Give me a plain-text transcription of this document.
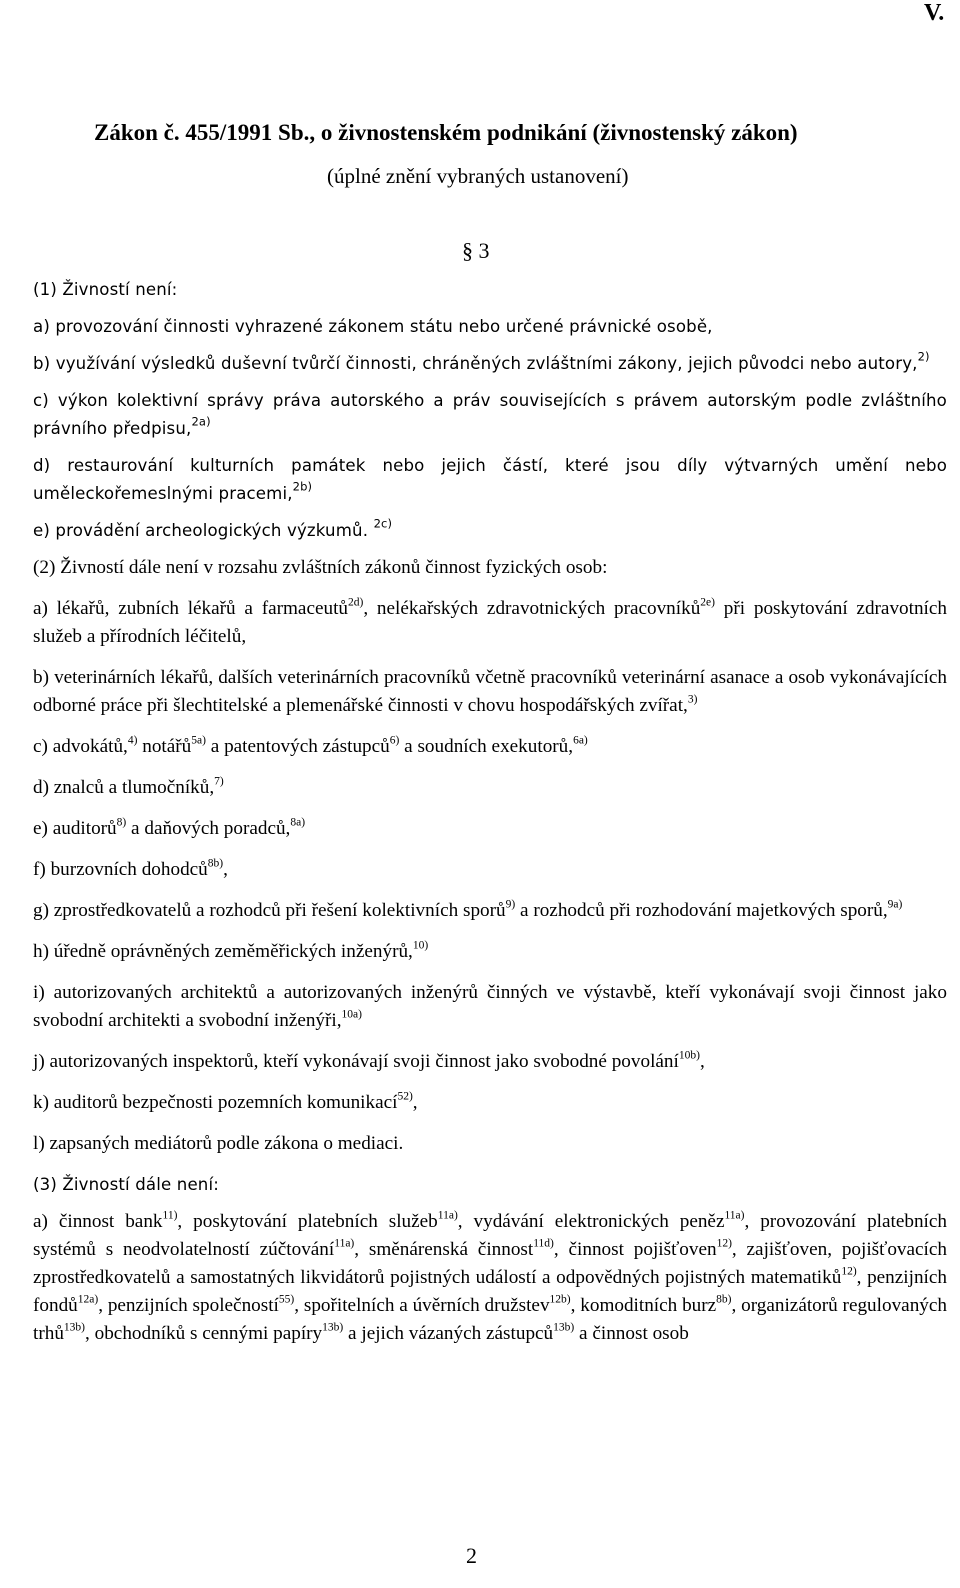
V.
Zákon č. 455/1991 Sb., o živnostenském podnikání (živnostenský zákon)
(úplné znění vybraných ustanovení)
§ 3

(1) Živností není:

a) provozování činnosti vyhrazené zákonem státu nebo určené právnické osobě,

b) využívání výsledků duševní tvůrčí činnosti, chráněných zvláštními zákony, jejich původci nebo autory,$^{2)}$

c) výkon kolektivní správy práva autorského a práv souvisejících s právem autorským podle zvláštního právního předpisu,$^{2a)}$

d) restaurování kulturních památek nebo jejich částí, které jsou díly výtvarných umění nebo uměleckořemeslnými pracemi,$^{2b)}$

e) provádění archeologických výzkumů. $^{2c)}$

(2) Živností dále není v rozsahu zvláštních zákonů činnost fyzických osob:

a) lékařů, zubních lékařů a farmaceutů$^{2d)}$, nelékařských zdravotnických pracovníků$^{2e)}$ při poskytování zdravotních služeb a přírodních léčitelů,

b) veterinárních lékařů, dalších veterinárních pracovníků včetně pracovníků veterinární asanace a osob vykonávajících odborné práce při šlechtitelské a plemenářské činnosti v chovu hospodářských zvířat,$^{3)}$

c) advokátů,$^{4)}$ notářů$^{5a)}$ a patentových zástupců$^{6)}$ a soudních exekutorů,$^{6a)}$

d) znalců a tlumočníků,$^{7)}$

e) auditorů$^{8)}$ a daňových poradců,$^{8a)}$

f) burzovních dohodců$^{8b)}$,

g) zprostředkovatelů a rozhodců při řešení kolektivních sporů$^{9)}$ a rozhodců při rozhodování majetkových sporů,$^{9a)}$

h) úředně oprávněných zeměměřických inženýrů,$^{10)}$

i) autorizovaných architektů a autorizovaných inženýrů činných ve výstavbě, kteří vykonávají svoji činnost jako svobodní architekti a svobodní inženýři,$^{10a)}$

j) autorizovaných inspektorů, kteří vykonávají svoji činnost jako svobodné povolání$^{10b)}$,

k) auditorů bezpečnosti pozemních komunikací$^{52)}$,

l) zapsaných mediátorů podle zákona o mediaci.

(3) Živností dále není:

a) činnost bank$^{11)}$, poskytování platebních služeb$^{11a)}$, vydávání elektronických peněz$^{11a)}$, provozování platebních systémů s neodvolatelností zúčtování$^{11a)}$, směnárenská činnost$^{11d)}$, činnost pojišťoven$^{12)}$, zajišťoven, pojišťovacích zprostředkovatelů a samostatných likvidátorů pojistných událostí a odpovědných pojistných matematiků$^{12)}$, penzijních fondů$^{12a)}$, penzijních společností$^{55)}$, spořitelních a úvěrních družstev$^{12b)}$, komoditních burz$^{8b)}$, organizátorů regulovaných trhů$^{13b)}$, obchodníků s cennými papíry$^{13b)}$ a jejich vázaných zástupců$^{13b)}$ a činnost osob

2
